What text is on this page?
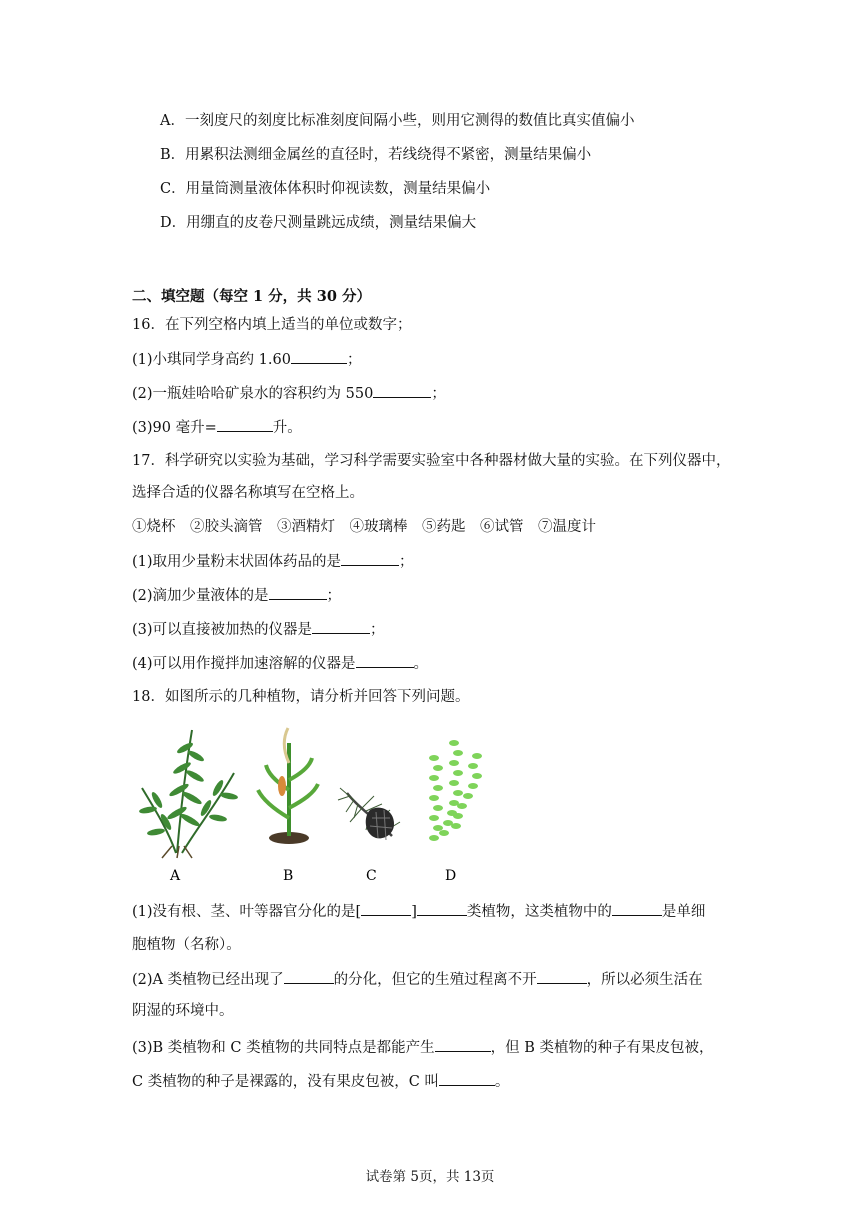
A．一刻度尺的刻度比标准刻度间隔小些，则用它测得的数值比真实值偏小
B．用累积法测细金属丝的直径时，若线绕得不紧密，测量结果偏小
C．用量筒测量液体体积时仰视读数，测量结果偏小
D．用绷直的皮卷尺测量跳远成绩，测量结果偏大
二、填空题（每空 1 分，共 30 分）
16．在下列空格内填上适当的单位或数字；
(1)小琪同学身高约 1.60	；
(2)一瓶娃哈哈矿泉水的容积约为 550	；
(3)90 毫升=	升。
17．科学研究以实验为基础，学习科学需要实验室中各种器材做大量的实验。在下列仪器中，
选择合适的仪器名称填写在空格上。
①烧杯　②胶头滴管　③酒精灯　④玻璃棒　⑤药匙　⑥试管　⑦温度计
(1)取用少量粉末状固体药品的是	；
(2)滴加少量液体的是	；
(3)可以直接被加热的仪器是	；
(4)可以用作搅拌加速溶解的仪器是	。
18．如图所示的几种植物，请分析并回答下列问题。
A	B	C	D
(1)没有根、茎、叶等器官分化的是[	]	类植物，这类植物中的	是单细
胞植物（名称）。
(2)A 类植物已经出现了	的分化，但它的生殖过程离不开	，所以必须生活在
阴湿的环境中。
(3)B 类植物和 C 类植物的共同特点是都能产生	，但 B 类植物的种子有果皮包被，
C 类植物的种子是裸露的，没有果皮包被，C 叫	。
试卷第 5页，共 13页
